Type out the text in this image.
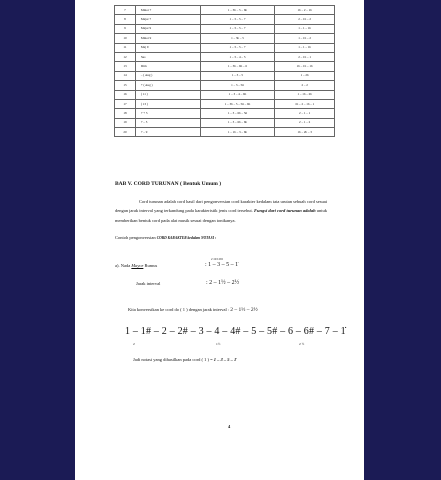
7	Minor 7	1 – 3b – 5 – 6b	1b – 2 – 1b
8	Major 7	1 – 3 – 5 – 7	2 – 1b – 2
9	Major 9	1 – 3 – 5 – 7	1 – 1 – 1b
10	Minor 9	1 – 3b – 5	1 – 1b – 2
11	Maj 9	1 – 3 – 5 – 7	1 – 1 – 1b
12	Sus	1 – 3 – 4 – 5	2 – 1b – 1
13	Dim	1 – 3b – 6b – 6	1b – 1b – 1b
14	– ( Aug )	1 – 3 – 5	1 – 2b
15	+ ( Aug )	1 – 3 – 5#	2 – 2
16	( 11 )	1 – 3 – 4 – 6b	1 – 1b – 2b
17	( 13 )	1 – 3b – 5 – 5# – 6b	1b – 2 – 1b – 1
18	7 + 5	1 – 3 – 6b – 5#	2 – 1 – 1
19	7 – 5	1 – 3 – 6b – 6b	2 – 1 – 2
20	7 – 9	1 – 1b – 3 – 6b	1b – 2b – 3
BAB V. CORD TURUNAN ( Bentuk Umum )

Cord turunan adalah cord hasil dari pengonversian cord karakter kedalam tata urutan sebuah cord sesuai dengan jarak interval yang terkandung pada karakteristik jenis cord tersebut. Fungsi dari cord turunan adalah untuk memberikan bentuk cord pada alat musik sesuai dengan tonikanya.

Contoh pengonversian CORD KARAKTER kedalam NOTASI :
2 1b3 2b5
a). Nada Mayor Rumus	: 1 – 3 – 5 – 1̇
Jarak interval	: 2 – 1½ – 2½
Kita konversikan ke cord do ( 1 ) dengan jarak interval : 2 – 1½ – 2½
1 – 1# – 2 – 2# – 3 – 4 – 4# – 5 – 5# – 6 – 6# – 7 – 1̇
2	1½	2 ½
Jadi notasi yang dihasilkan pada cord ( 1 ) = 1 – 3 – 5 – 1̇
4
